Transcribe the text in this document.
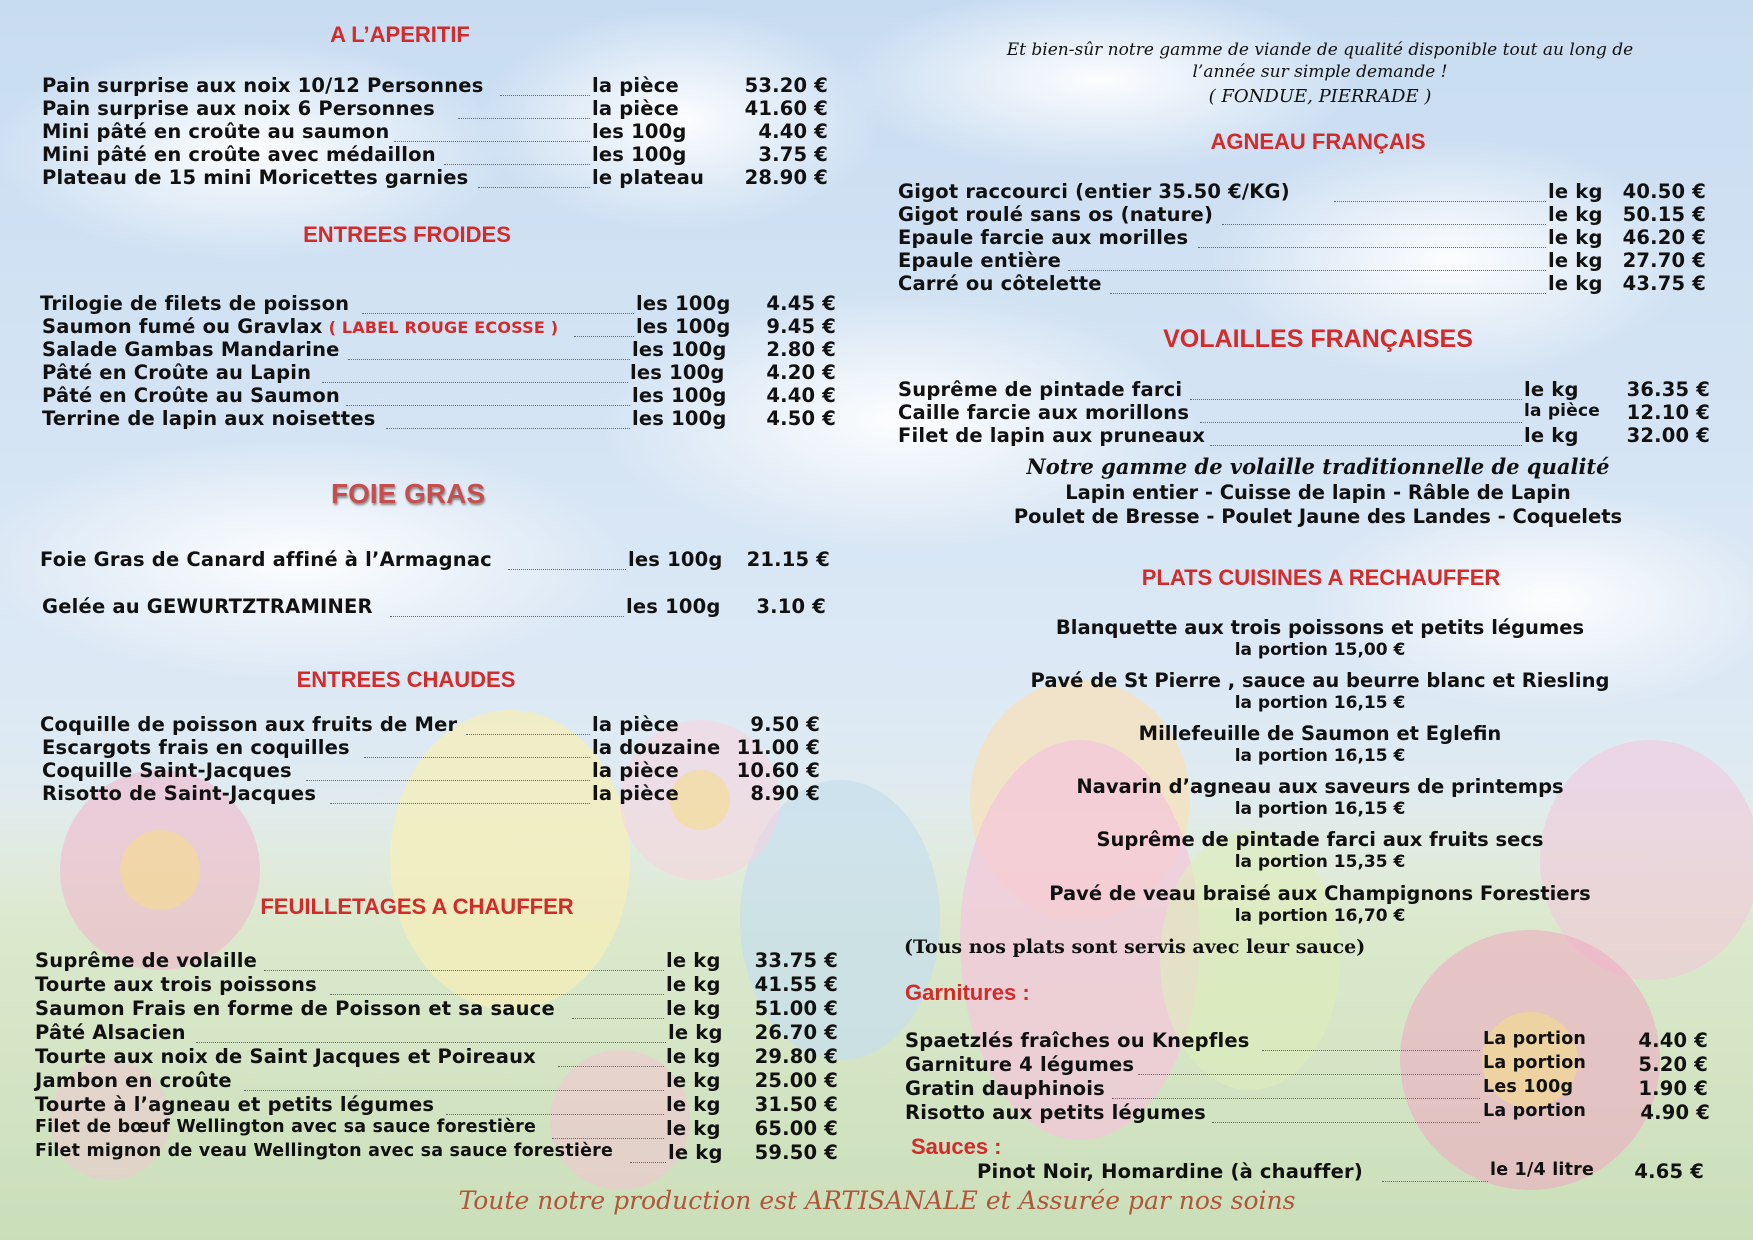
A L’APERITIF
Pain surprise aux noix 10/12 Personnes	la pièce	53.20 €
Pain surprise aux noix 6 Personnes	la pièce	41.60 €
Mini pâté en croûte au saumon	les 100g	4.40 €
Mini pâté en croûte avec médaillon	les 100g	3.75 €
Plateau de 15 mini Moricettes garnies	le plateau	28.90 €
ENTREES FROIDES
Trilogie de filets de poisson	les 100g	4.45 €
Saumon fumé ou Gravlax ( LABEL ROUGE ECOSSE )	les 100g	9.45 €
Salade Gambas Mandarine	les 100g	2.80 €
Pâté en Croûte au Lapin	les 100g	4.20 €
Pâté en Croûte au Saumon	les 100g	4.40 €
Terrine de lapin aux noisettes	les 100g	4.50 €
FOIE GRAS
Foie Gras de Canard affiné à l’Armagnac	les 100g	21.15 €
Gelée au GEWURTZTRAMINER	les 100g	3.10 €
ENTREES CHAUDES
Coquille de poisson aux fruits de Mer	la pièce	9.50 €
Escargots frais en coquilles	la douzaine 11.00 €
Coquille Saint-Jacques	la pièce	10.60 €
Risotto de Saint-Jacques	la pièce	8.90 €
FEUILLETAGES A CHAUFFER
Suprême de volaille	le kg	33.75 €
Tourte aux trois poissons	le kg	41.55 €
Saumon Frais en forme de Poisson et sa sauce	le kg	51.00 €
Pâté Alsacien	le kg	26.70 €
Tourte aux noix de Saint Jacques et Poireaux	le kg	29.80 €
Jambon en croûte	le kg	25.00 €
Tourte à l’agneau et petits légumes	le kg	31.50 €
Filet de bœuf Wellington avec sa sauce forestière	le kg	65.00 €
Filet mignon de veau Wellington avec sa sauce forestière	le kg	59.50 €
Et bien-sûr notre gamme de viande de qualité disponible tout au long de
l’année sur simple demande !
( FONDUE, PIERRADE )
AGNEAU FRANÇAIS
Gigot raccourci (entier 35.50 €/KG)	le kg	40.50 €
Gigot roulé sans os (nature)	le kg	50.15 €
Epaule farcie aux morilles	le kg	46.20 €
Epaule entière	le kg	27.70 €
Carré ou côtelette	le kg	43.75 €
VOLAILLES FRANÇAISES
Suprême de pintade farci	le kg	36.35 €
Caille farcie aux morillons	la pièce	12.10 €
Filet de lapin aux pruneaux	le kg	32.00 €
Notre gamme de volaille traditionnelle de qualité
Lapin entier - Cuisse de lapin - Râble de Lapin
Poulet de Bresse - Poulet Jaune des Landes - Coquelets
PLATS CUISINES A RECHAUFFER
Blanquette aux trois poissons et petits légumes
la portion 15,00 €
Pavé de St Pierre , sauce au beurre blanc et Riesling
la portion 16,15 €
Millefeuille de Saumon et Eglefin
la portion 16,15 €
Navarin d’agneau aux saveurs de printemps
la portion 16,15 €
Suprême de pintade farci aux fruits secs
la portion 15,35 €
Pavé de veau braisé aux Champignons Forestiers
la portion 16,70 €
(Tous nos plats sont servis avec leur sauce)
Garnitures :
Spaetzlés fraîches ou Knepfles	La portion	4.40 €
Garniture 4 légumes	La portion	5.20 €
Gratin dauphinois	Les 100g	1.90 €
Risotto aux petits légumes	La portion	4.90 €
Sauces :
Pinot Noir, Homardine (à chauffer)	le 1/4 litre	4.65 €
Toute notre production est ARTISANALE et Assurée par nos soins
